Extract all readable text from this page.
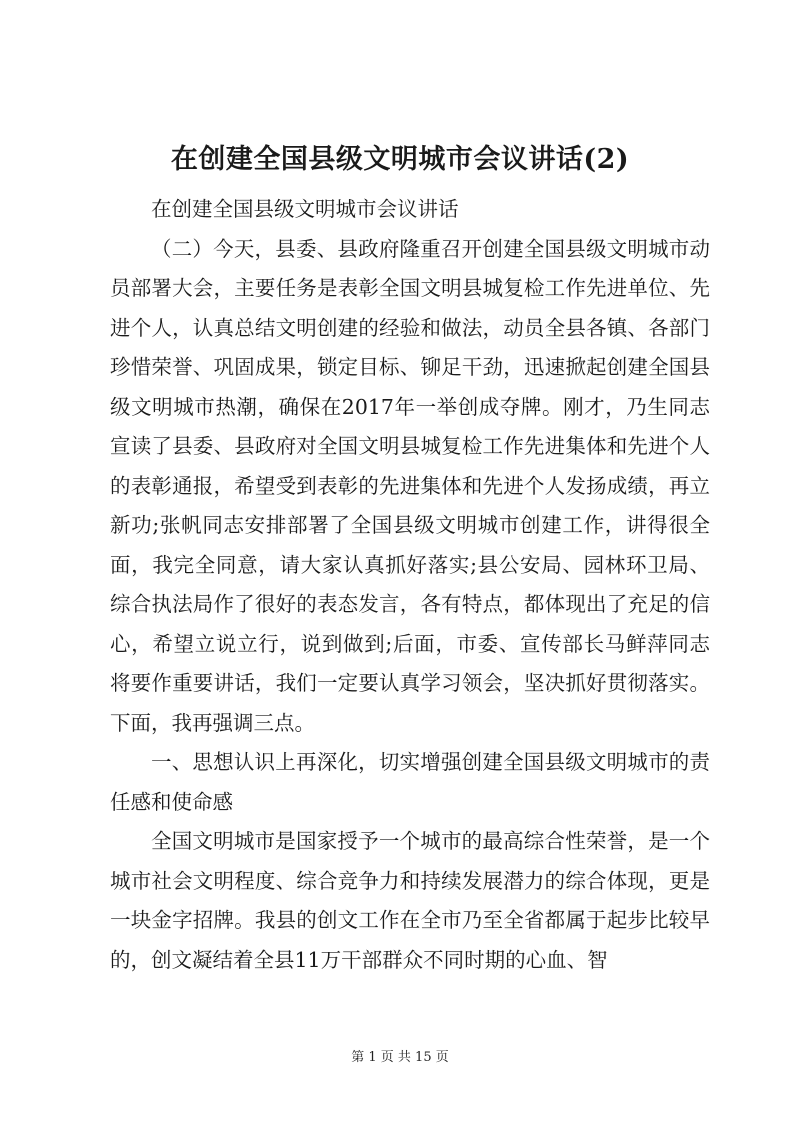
在创建全国县级文明城市会议讲话(2)

在创建全国县级文明城市会议讲话

（二）今天，县委、县政府隆重召开创建全国县级文明城市动员部署大会，主要任务是表彰全国文明县城复检工作先进单位、先进个人，认真总结文明创建的经验和做法，动员全县各镇、各部门珍惜荣誉、巩固成果，锁定目标、铆足干劲，迅速掀起创建全国县级文明城市热潮，确保在2017年一举创成夺牌。刚才，乃生同志宣读了县委、县政府对全国文明县城复检工作先进集体和先进个人的表彰通报，希望受到表彰的先进集体和先进个人发扬成绩，再立新功;张帆同志安排部署了全国县级文明城市创建工作，讲得很全面，我完全同意，请大家认真抓好落实;县公安局、园林环卫局、综合执法局作了很好的表态发言，各有特点，都体现出了充足的信心，希望立说立行，说到做到;后面，市委、宣传部长马鲜萍同志将要作重要讲话，我们一定要认真学习领会，坚决抓好贯彻落实。下面，我再强调三点。

一、思想认识上再深化，切实增强创建全国县级文明城市的责任感和使命感

全国文明城市是国家授予一个城市的最高综合性荣誉，是一个城市社会文明程度、综合竞争力和持续发展潜力的综合体现，更是一块金字招牌。我县的创文工作在全市乃至全省都属于起步比较早的，创文凝结着全县11万干部群众不同时期的心血、智

第 1 页 共 15 页
